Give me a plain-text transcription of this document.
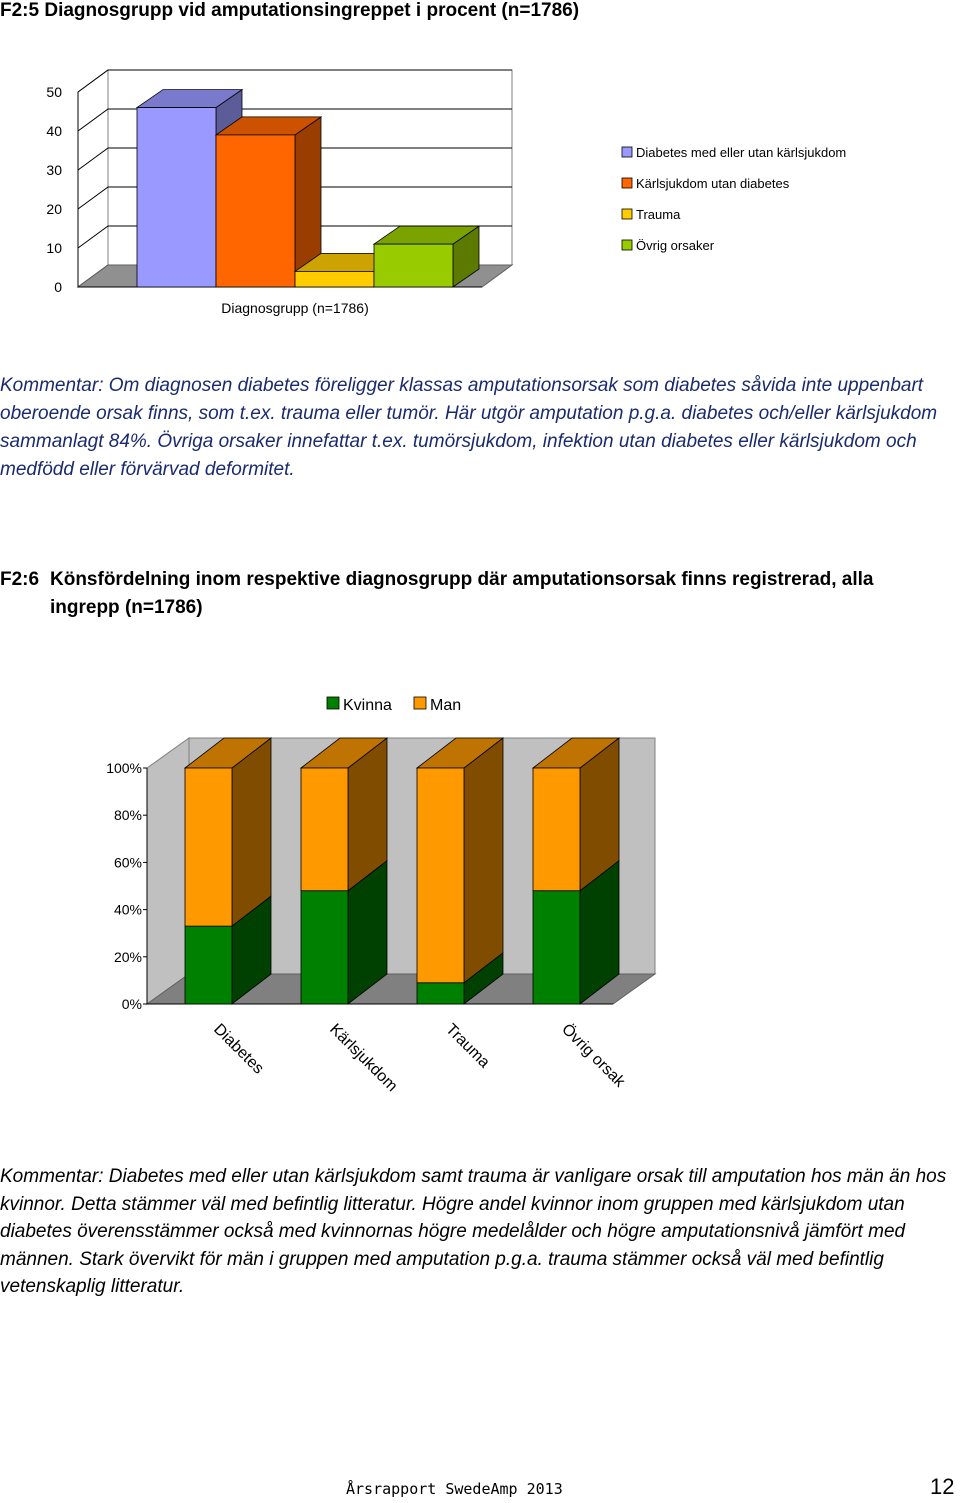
F2:5 Diagnosgrupp vid amputationsingreppet i procent (n=1786)
0
10
20
30
40
50
Diagnosgrupp (n=1786)
Diabetes med eller utan kärlsjukdom
Kärlsjukdom utan diabetes
Trauma
Övrig orsaker
Kommentar: Om diagnosen diabetes föreligger klassas amputationsorsak som diabetes såvida inte uppenbart oberoende orsak finns, som t.ex. trauma eller tumör. Här utgör amputation p.g.a. diabetes och/eller kärlsjukdom sammanlagt 84%. Övriga orsaker innefattar t.ex. tumörsjukdom, infektion utan diabetes eller kärlsjukdom och medfödd eller förvärvad deformitet.
F2:6 Könsfördelning inom respektive diagnosgrupp där amputationsorsak finns registrerad, alla ingrepp (n=1786)
0%
20%
40%
60%
80%
100%
Diabetes	Kärlsjukdom	Trauma	Övrig orsak
Kvinna Man
Kommentar: Diabetes med eller utan kärlsjukdom samt trauma är vanligare orsak till amputation hos män än hos kvinnor. Detta stämmer väl med befintlig litteratur. Högre andel kvinnor inom gruppen med kärlsjukdom utan diabetes överensstämmer också med kvinnornas högre medelålder och högre amputationsnivå jämfört med männen. Stark övervikt för män i gruppen med amputation p.g.a. trauma stämmer också väl med befintlig vetenskaplig litteratur.
Årsrapport SwedeAmp 2013	12
